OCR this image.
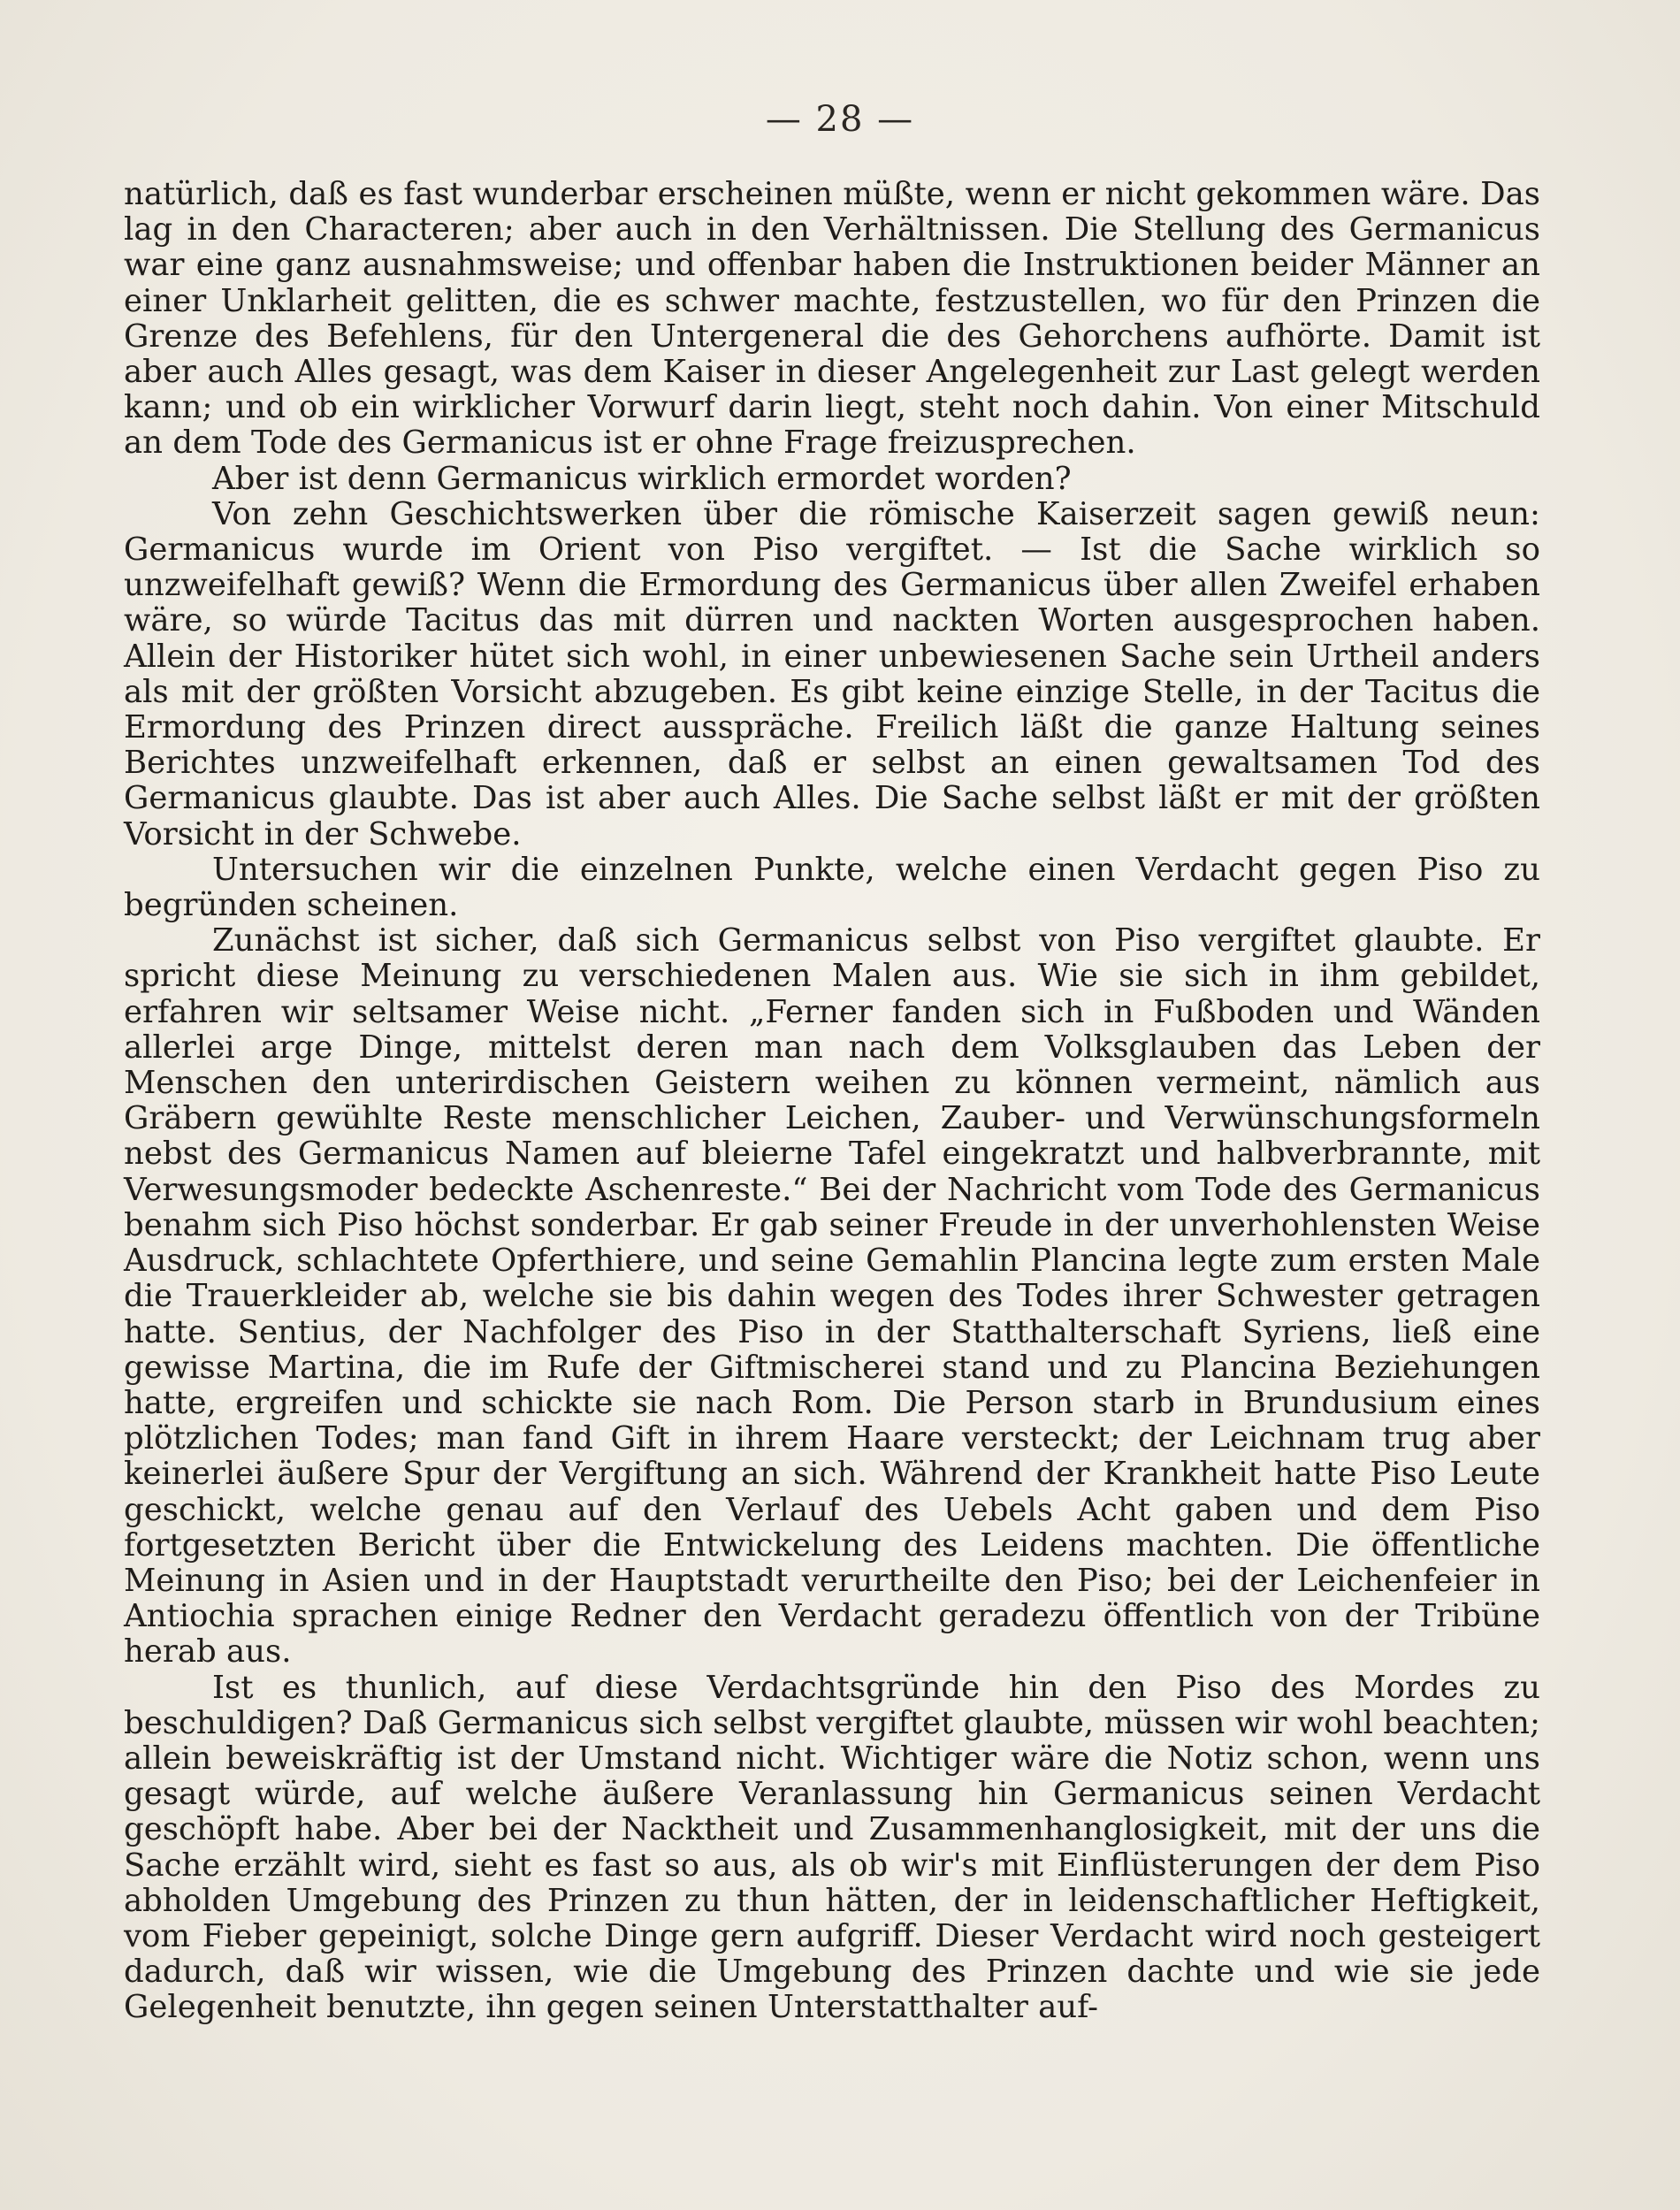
— 28 —

natürlich, daß es fast wunderbar erscheinen müßte, wenn er nicht gekommen wäre. Das lag in den Characteren; aber auch in den Verhältnissen. Die Stellung des Germanicus war eine ganz ausnahmsweise; und offenbar haben die Instruktionen beider Männer an einer Unklarheit gelitten, die es schwer machte, festzustellen, wo für den Prinzen die Grenze des Befehlens, für den Untergeneral die des Gehorchens aufhörte. Damit ist aber auch Alles gesagt, was dem Kaiser in dieser Angelegenheit zur Last gelegt werden kann; und ob ein wirklicher Vorwurf darin liegt, steht noch dahin. Von einer Mitschuld an dem Tode des Germanicus ist er ohne Frage freizusprechen.

Aber ist denn Germanicus wirklich ermordet worden?

Von zehn Geschichtswerken über die römische Kaiserzeit sagen gewiß neun: Germanicus wurde im Orient von Piso vergiftet. — Ist die Sache wirklich so unzweifelhaft gewiß? Wenn die Ermordung des Germanicus über allen Zweifel erhaben wäre, so würde Tacitus das mit dürren und nackten Worten ausgesprochen haben. Allein der Historiker hütet sich wohl, in einer unbewiesenen Sache sein Urtheil anders als mit der größten Vorsicht abzugeben. Es gibt keine einzige Stelle, in der Tacitus die Ermordung des Prinzen direct ausspräche. Freilich läßt die ganze Haltung seines Berichtes unzweifelhaft erkennen, daß er selbst an einen gewaltsamen Tod des Germanicus glaubte. Das ist aber auch Alles. Die Sache selbst läßt er mit der größten Vorsicht in der Schwebe.

Untersuchen wir die einzelnen Punkte, welche einen Verdacht gegen Piso zu begründen scheinen.

Zunächst ist sicher, daß sich Germanicus selbst von Piso vergiftet glaubte. Er spricht diese Meinung zu verschiedenen Malen aus. Wie sie sich in ihm gebildet, erfahren wir seltsamer Weise nicht. „Ferner fanden sich in Fußboden und Wänden allerlei arge Dinge, mittelst deren man nach dem Volksglauben das Leben der Menschen den unterirdischen Geistern weihen zu können vermeint, nämlich aus Gräbern gewühlte Reste menschlicher Leichen, Zauber- und Verwünschungsformeln nebst des Germanicus Namen auf bleierne Tafel eingekratzt und halbverbrannte, mit Verwesungsmoder bedeckte Aschenreste.“ Bei der Nachricht vom Tode des Germanicus benahm sich Piso höchst sonderbar. Er gab seiner Freude in der unverhohlensten Weise Ausdruck, schlachtete Opferthiere, und seine Gemahlin Plancina legte zum ersten Male die Trauerkleider ab, welche sie bis dahin wegen des Todes ihrer Schwester getragen hatte. Sentius, der Nachfolger des Piso in der Statthalterschaft Syriens, ließ eine gewisse Martina, die im Rufe der Giftmischerei stand und zu Plancina Beziehungen hatte, ergreifen und schickte sie nach Rom. Die Person starb in Brundusium eines plötzlichen Todes; man fand Gift in ihrem Haare versteckt; der Leichnam trug aber keinerlei äußere Spur der Vergiftung an sich. Während der Krankheit hatte Piso Leute geschickt, welche genau auf den Verlauf des Uebels Acht gaben und dem Piso fortgesetzten Bericht über die Entwickelung des Leidens machten. Die öffentliche Meinung in Asien und in der Hauptstadt verurtheilte den Piso; bei der Leichenfeier in Antiochia sprachen einige Redner den Verdacht geradezu öffentlich von der Tribüne herab aus.

Ist es thunlich, auf diese Verdachtsgründe hin den Piso des Mordes zu beschuldigen? Daß Germanicus sich selbst vergiftet glaubte, müssen wir wohl beachten; allein beweiskräftig ist der Umstand nicht. Wichtiger wäre die Notiz schon, wenn uns gesagt würde, auf welche äußere Veranlassung hin Germanicus seinen Verdacht geschöpft habe. Aber bei der Nacktheit und Zusammenhanglosigkeit, mit der uns die Sache erzählt wird, sieht es fast so aus, als ob wir's mit Einflüsterungen der dem Piso abholden Umgebung des Prinzen zu thun hätten, der in leidenschaftlicher Heftigkeit, vom Fieber gepeinigt, solche Dinge gern aufgriff. Dieser Verdacht wird noch gesteigert dadurch, daß wir wissen, wie die Umgebung des Prinzen dachte und wie sie jede Gelegenheit benutzte, ihn gegen seinen Unterstatthalter auf-
